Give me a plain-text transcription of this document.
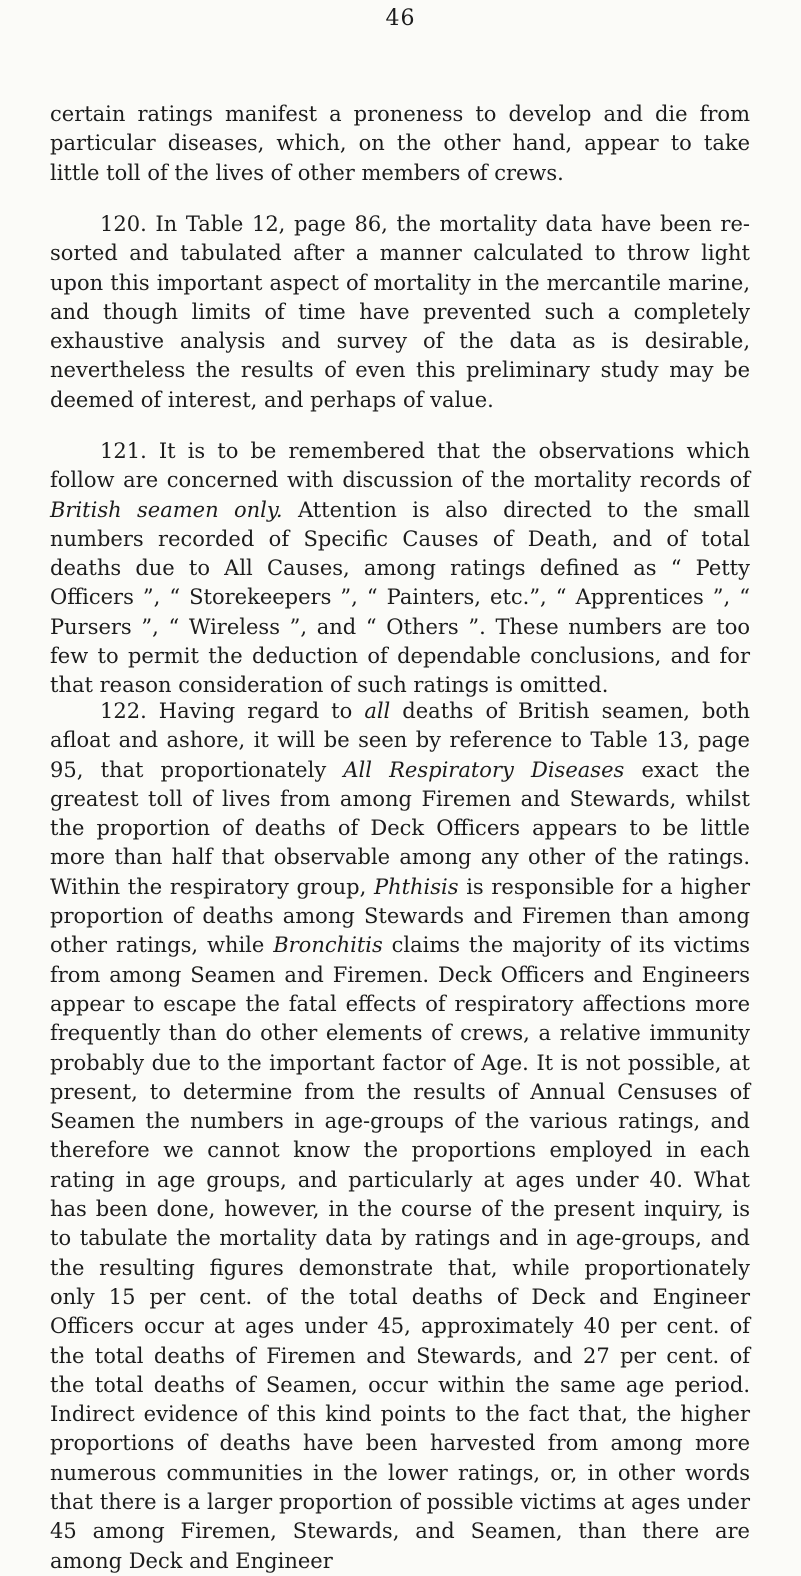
46

certain ratings manifest a proneness to develop and die from particular diseases, which, on the other hand, appear to take little toll of the lives of other members of crews.

120. In Table 12, page 86, the mortality data have been re-sorted and tabulated after a manner calculated to throw light upon this important aspect of mortality in the mercantile marine, and though limits of time have prevented such a completely exhaustive analysis and survey of the data as is desirable, nevertheless the results of even this preliminary study may be deemed of interest, and perhaps of value.

121. It is to be remembered that the observations which follow are concerned with discussion of the mortality records of British seamen only. Attention is also directed to the small numbers recorded of Specific Causes of Death, and of total deaths due to All Causes, among ratings defined as “ Petty Officers ”, “ Storekeepers ”, “ Painters, etc.”, “ Apprentices ”, “ Pursers ”, “ Wireless ”, and “ Others ”. These numbers are too few to permit the deduction of dependable conclusions, and for that reason consideration of such ratings is omitted.

122. Having regard to all deaths of British seamen, both afloat and ashore, it will be seen by reference to Table 13, page 95, that proportionately All Respiratory Diseases exact the greatest toll of lives from among Firemen and Stewards, whilst the proportion of deaths of Deck Officers appears to be little more than half that observable among any other of the ratings. Within the respiratory group, Phthisis is responsible for a higher proportion of deaths among Stewards and Firemen than among other ratings, while Bronchitis claims the majority of its victims from among Seamen and Firemen. Deck Officers and Engineers appear to escape the fatal effects of respiratory affections more frequently than do other elements of crews, a relative immunity probably due to the important factor of Age. It is not possible, at present, to determine from the results of Annual Censuses of Seamen the numbers in age-groups of the various ratings, and therefore we cannot know the proportions employed in each rating in age groups, and particularly at ages under 40. What has been done, however, in the course of the present inquiry, is to tabulate the mortality data by ratings and in age-groups, and the resulting figures demonstrate that, while proportionately only 15 per cent. of the total deaths of Deck and Engineer Officers occur at ages under 45, approximately 40 per cent. of the total deaths of Firemen and Stewards, and 27 per cent. of the total deaths of Seamen, occur within the same age period. Indirect evidence of this kind points to the fact that, the higher proportions of deaths have been harvested from among more numerous communities in the lower ratings, or, in other words that there is a larger proportion of possible victims at ages under 45 among Firemen, Stewards, and Seamen, than there are among Deck and Engineer
